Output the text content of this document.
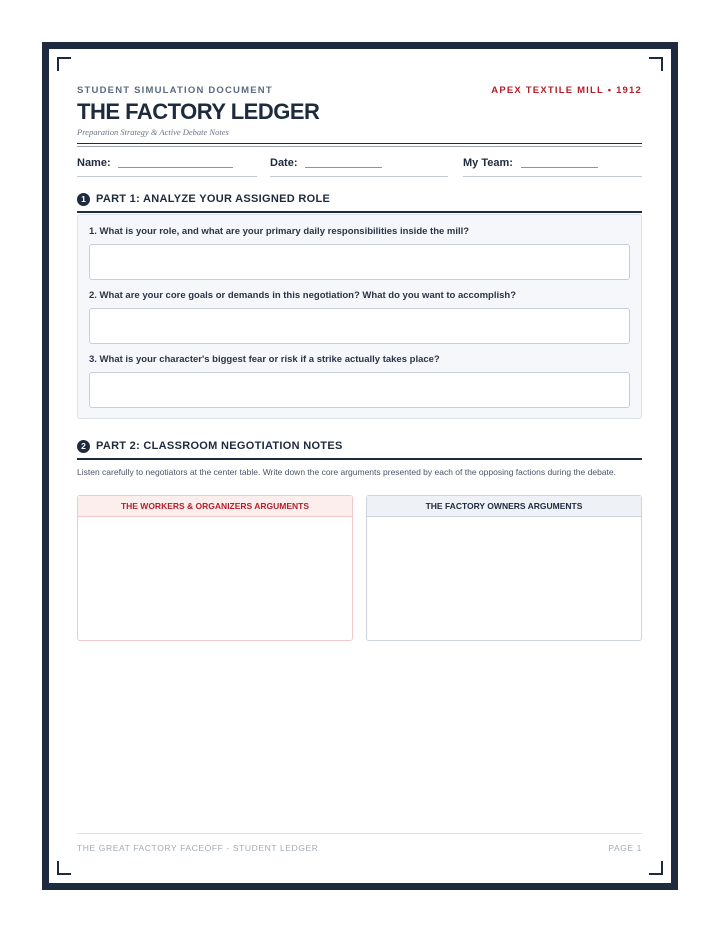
STUDENT SIMULATION DOCUMENT	APEX TEXTILE MILL • 1912
THE FACTORY LEDGER
Preparation Strategy & Active Debate Notes
Name:	Date:	My Team:
1 PART 1: ANALYZE YOUR ASSIGNED ROLE
1. What is your role, and what are your primary daily responsibilities inside the mill?
2. What are your core goals or demands in this negotiation? What do you want to accomplish?
3. What is your character's biggest fear or risk if a strike actually takes place?
2 PART 2: CLASSROOM NEGOTIATION NOTES
Listen carefully to negotiators at the center table. Write down the core arguments presented by each of the opposing factions during the debate.
THE WORKERS & ORGANIZERS ARGUMENTS	THE FACTORY OWNERS ARGUMENTS
THE GREAT FACTORY FACEOFF - STUDENT LEDGER	PAGE 1
